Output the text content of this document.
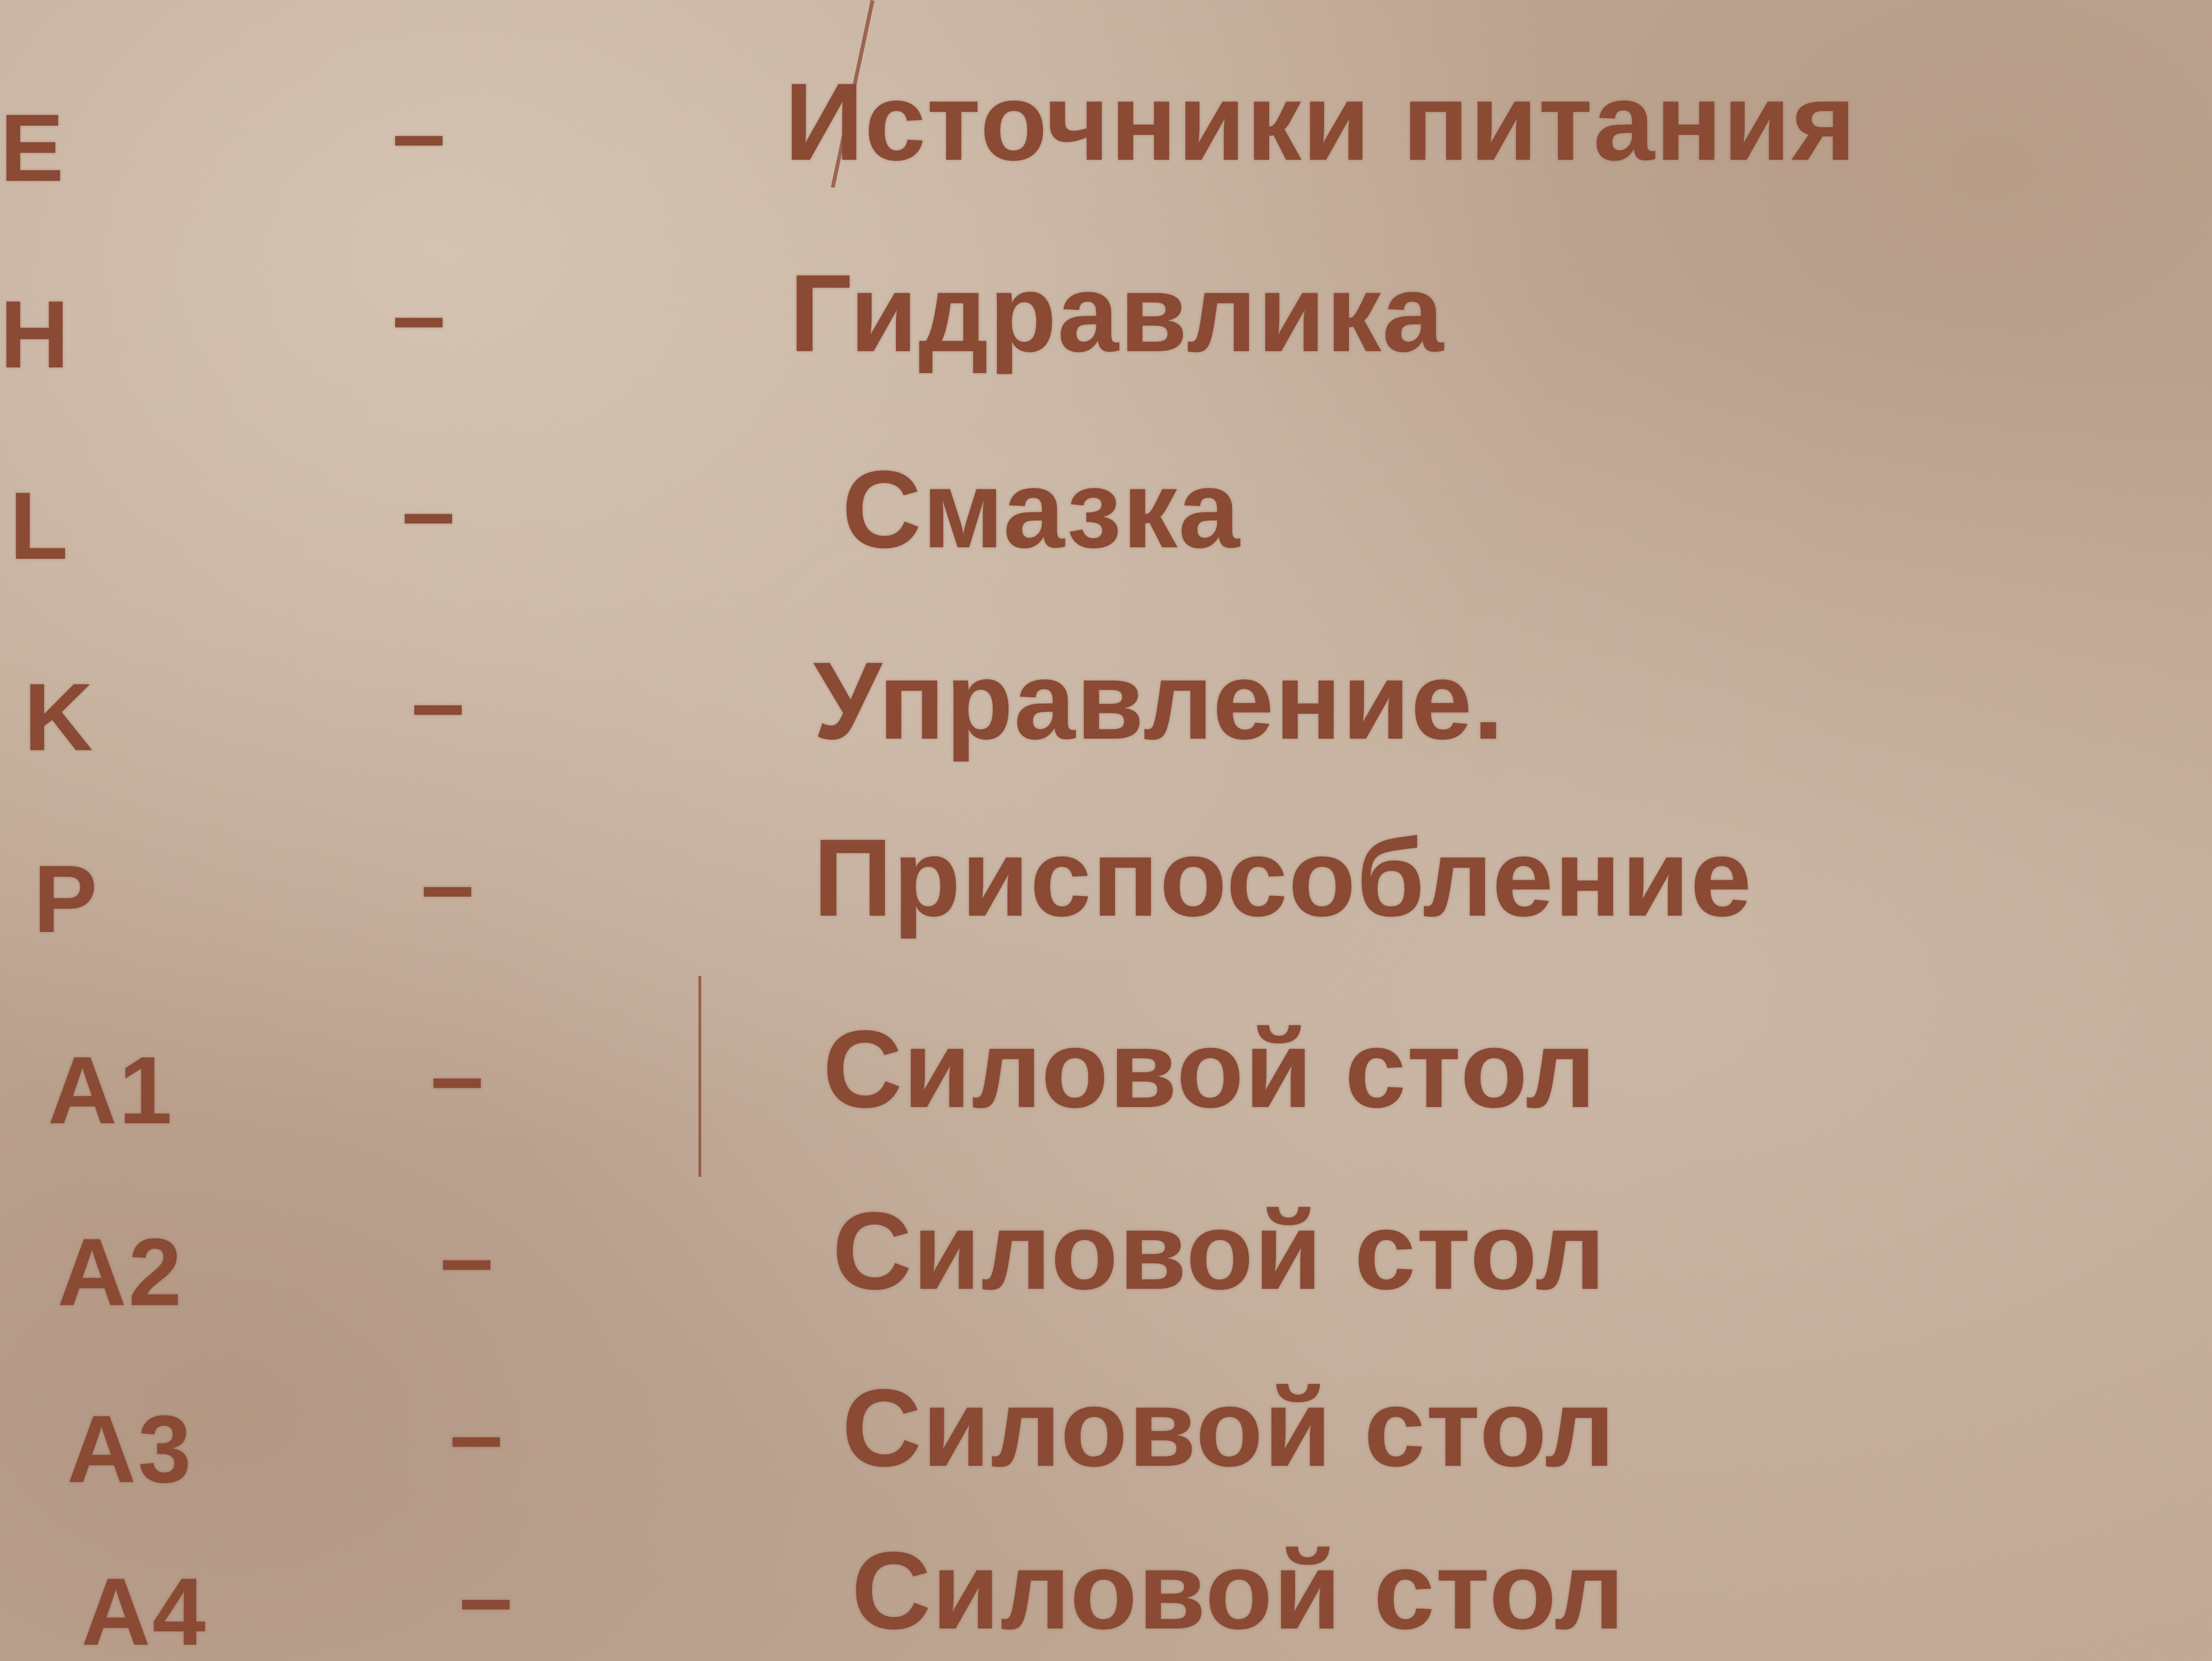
E	–	Источники питания
H	–	Гидравлика
L	–	Смазка
K	–	Управление.
P	–	Приспособление
A1	–	Силовой стол
A2	–	Силовой стол
A3	–	Силовой стол
A4	–	Силовой стол
